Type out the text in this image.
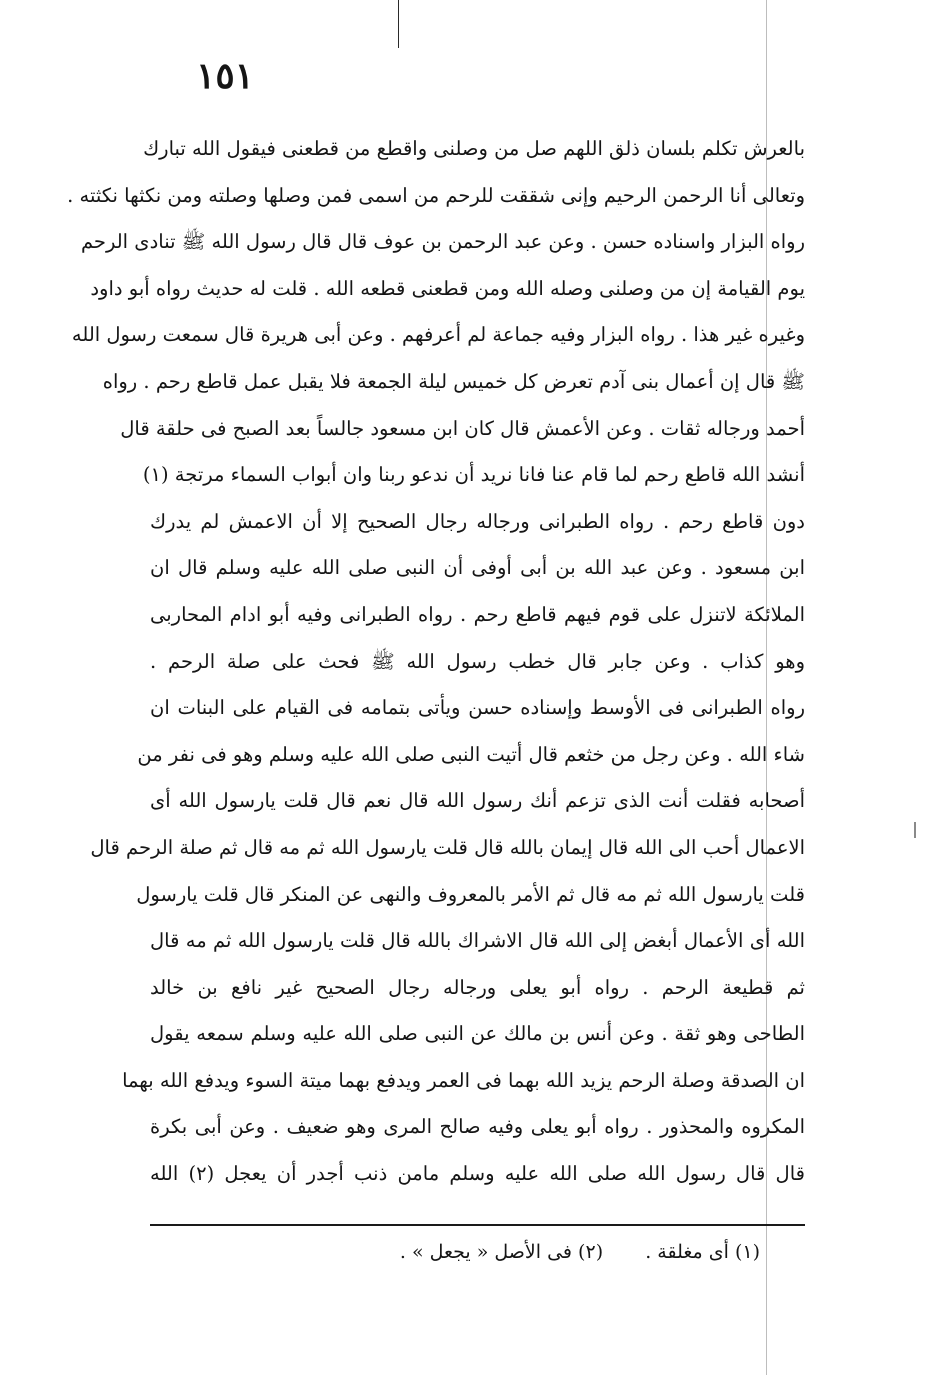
١٥١
بالعرش تكلم بلسان ذلق اللهم صل من وصلنى واقطع من قطعنى فيقول الله تبارك
وتعالى أنا الرحمن الرحيم وإنى شققت للرحم من اسمى فمن وصلها وصلته ومن نكثها نكثته .
رواه البزار واسناده حسن . وعن عبد الرحمن بن عوف قال قال رسول الله ﷺ تنادى الرحم
يوم القيامة إن من وصلنى وصله الله ومن قطعنى قطعه الله . قلت له حديث رواه أبو داود
وغيره غير هذا . رواه البزار وفيه جماعة لم أعرفهم . وعن أبى هريرة قال سمعت رسول الله
ﷺ قال إن أعمال بنى آدم تعرض كل خميس ليلة الجمعة فلا يقبل عمل قاطع رحم . رواه
أحمد ورجاله ثقات . وعن الأعمش قال كان ابن مسعود جالساً بعد الصبح فى حلقة قال
أنشد الله قاطع رحم لما قام عنا فانا نريد أن ندعو ربنا وان أبواب السماء مرتجة (١)
دون قاطع رحم . رواه الطبرانى ورجاله رجال الصحيح إلا أن الاعمش لم يدرك
ابن مسعود . وعن عبد الله بن أبى أوفى أن النبى صلى الله عليه وسلم قال ان
الملائكة لاتنزل على قوم فيهم قاطع رحم . رواه الطبرانى وفيه أبو ادام المحاربى
وهو كذاب . وعن جابر قال خطب رسول الله ﷺ فحث على صلة الرحم .
رواه الطبرانى فى الأوسط وإسناده حسن ويأتى بتمامه فى القيام على البنات ان
شاء الله . وعن رجل من خثعم قال أتيت النبى صلى الله عليه وسلم وهو فى نفر من
أصحابه فقلت أنت الذى تزعم أنك رسول الله قال نعم قال قلت يارسول الله أى
الاعمال أحب الى الله قال إيمان بالله قال قلت يارسول الله ثم مه قال ثم صلة الرحم قال
قلت يارسول الله ثم مه قال ثم الأمر بالمعروف والنهى عن المنكر قال قلت يارسول
الله أى الأعمال أبغض إلى الله قال الاشراك بالله قال قلت يارسول الله ثم مه قال
ثم قطيعة الرحم . رواه أبو يعلى ورجاله رجال الصحيح غير نافع بن خالد
الطاحى وهو ثقة . وعن أنس بن مالك عن النبى صلى الله عليه وسلم سمعه يقول
ان الصدقة وصلة الرحم يزيد الله بهما فى العمر ويدفع بهما ميتة السوء ويدفع الله بهما
المكروه والمحذور . رواه أبو يعلى وفيه صالح المرى وهو ضعيف . وعن أبى بكرة
قال قال رسول الله صلى الله عليه وسلم مامن ذنب أجدر أن يعجل (٢) الله
(١) أى مغلقة .  (٢) فى الأصل « يجعل » .
